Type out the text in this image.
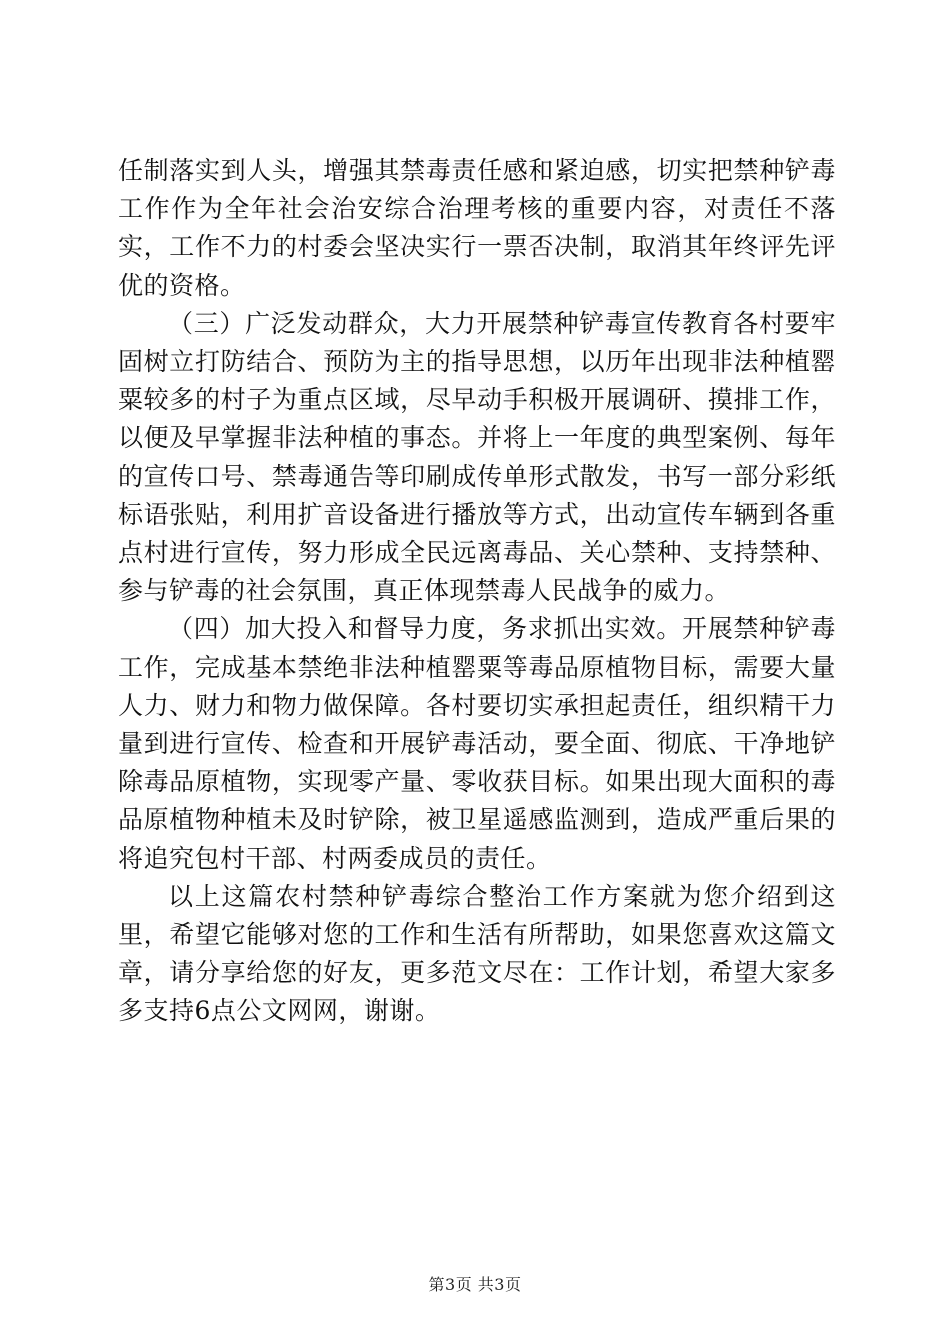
任制落实到人头，增强其禁毒责任感和紧迫感，切实把禁种铲毒工作作为全年社会治安综合治理考核的重要内容，对责任不落实，工作不力的村委会坚决实行一票否决制，取消其年终评先评优的资格。

（三）广泛发动群众，大力开展禁种铲毒宣传教育各村要牢固树立打防结合、预防为主的指导思想，以历年出现非法种植罂粟较多的村子为重点区域，尽早动手积极开展调研、摸排工作，以便及早掌握非法种植的事态。并将上一年度的典型案例、每年的宣传口号、禁毒通告等印刷成传单形式散发，书写一部分彩纸标语张贴，利用扩音设备进行播放等方式，出动宣传车辆到各重点村进行宣传，努力形成全民远离毒品、关心禁种、支持禁种、参与铲毒的社会氛围，真正体现禁毒人民战争的威力。

（四）加大投入和督导力度，务求抓出实效。开展禁种铲毒工作，完成基本禁绝非法种植罂粟等毒品原植物目标，需要大量人力、财力和物力做保障。各村要切实承担起责任，组织精干力量到进行宣传、检查和开展铲毒活动，要全面、彻底、干净地铲除毒品原植物，实现零产量、零收获目标。如果出现大面积的毒品原植物种植未及时铲除，被卫星遥感监测到，造成严重后果的将追究包村干部、村两委成员的责任。

以上这篇农村禁种铲毒综合整治工作方案就为您介绍到这里，希望它能够对您的工作和生活有所帮助，如果您喜欢这篇文章，请分享给您的好友，更多范文尽在：工作计划，希望大家多多支持6点公文网网，谢谢。

第3页 共3页
